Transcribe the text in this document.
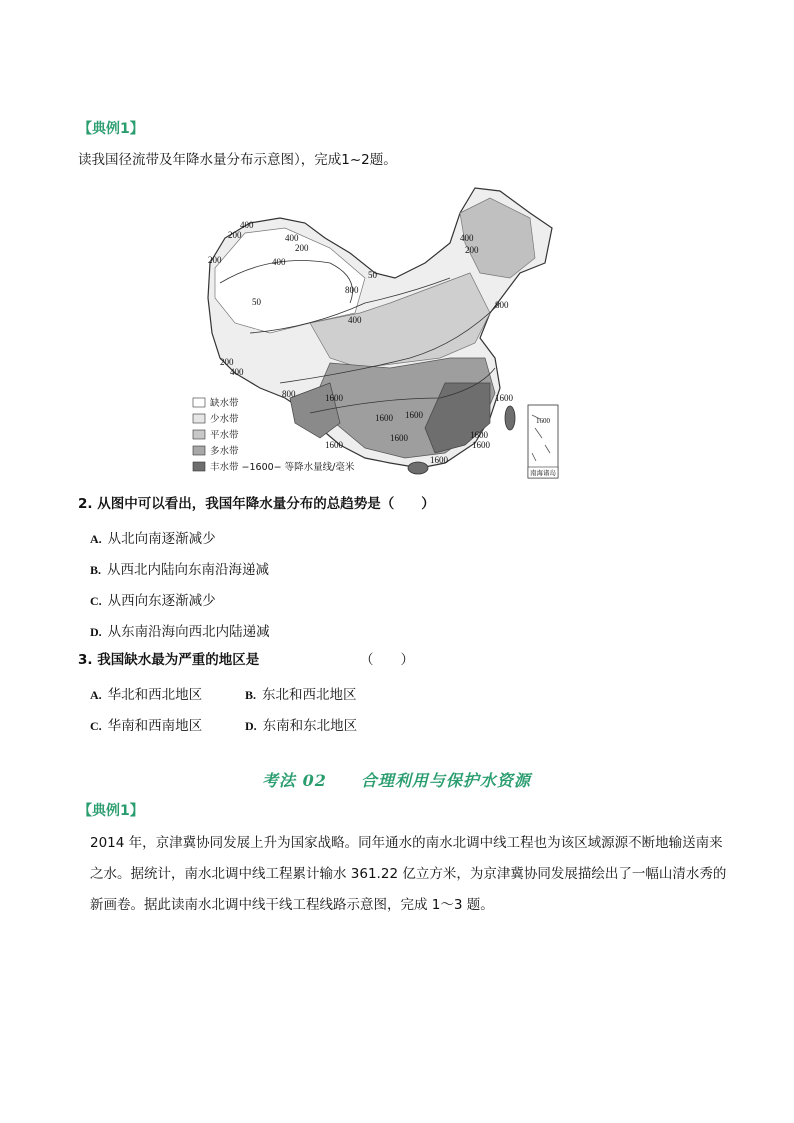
【典例1】
读我国径流带及年降水量分布示意图），完成1~2题。
200
400
200
200
400
400
50
50
200
400
800
400
1600
800
1600
1600 1600
1600
1600	1600
1600
1600
400
200
800
缺水带
少水带
平水带
多水带
丰水带 −1600− 等降水量线/毫米
1600
南海诸岛
2. 从图中可以看出，我国年降水量分布的总趋势是（　　）
A. 从北向南逐渐减少
B. 从西北内陆向东南沿海递减
C. 从西向东逐渐减少
D. 从东南沿海向西北内陆递减
3. 我国缺水最为严重的地区是	（　　）
A. 华北和西北地区	B. 东北和西北地区
C. 华南和西南地区	D. 东南和东北地区
考法 02　　合理利用与保护水资源
【典例1】
2014 年，京津冀协同发展上升为国家战略。同年通水的南水北调中线工程也为该区域源源不断地输送南来之水。据统计，南水北调中线工程累计输水 361.22 亿立方米，为京津冀协同发展描绘出了一幅山清水秀的新画卷。据此读南水北调中线干线工程线路示意图，完成 1～3 题。
